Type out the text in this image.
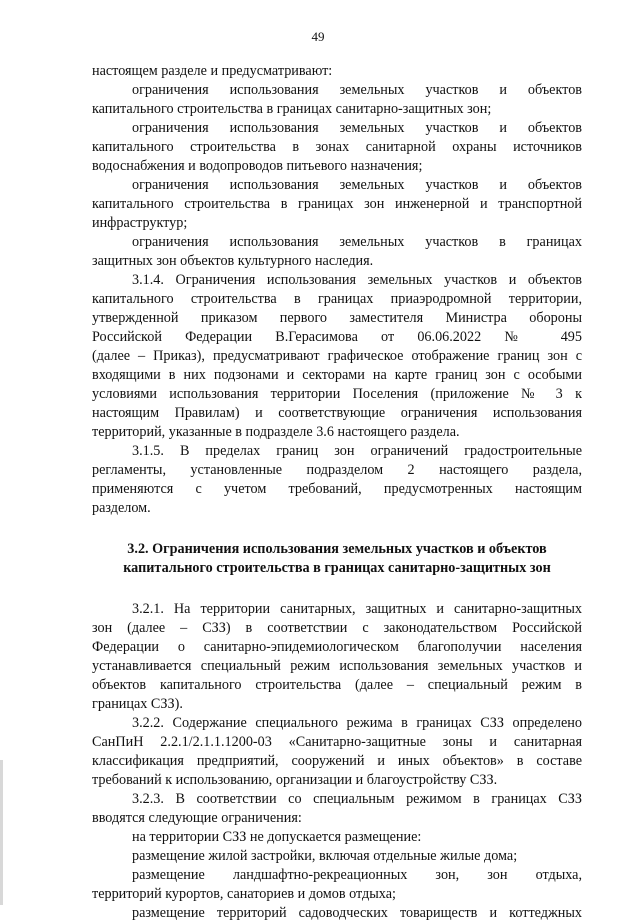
49
настоящем разделе и предусматривают:
ограничения использования земельных участков и объектов
капитального строительства в границах санитарно-защитных зон;
ограничения использования земельных участков и объектов
капитального строительства в зонах санитарной охраны источников
водоснабжения и водопроводов питьевого назначения;
ограничения использования земельных участков и объектов
капитального строительства в границах зон инженерной и транспортной
инфраструктур;
ограничения использования земельных участков в границах
защитных зон объектов культурного наследия.
3.1.4. Ограничения использования земельных участков и объектов
капитального строительства в границах приаэродромной территории,
утвержденной приказом первого заместителя Министра обороны
Российской Федерации В.Герасимова от 06.06.2022 № 495
(далее – Приказ), предусматривают графическое отображение границ зон с
входящими в них подзонами и секторами на карте границ зон с особыми
условиями использования территории Поселения (приложение № 3 к
настоящим Правилам) и соответствующие ограничения использования
территорий, указанные в подразделе 3.6 настоящего раздела.
3.1.5. В пределах границ зон ограничений градостроительные
регламенты, установленные подразделом 2 настоящего раздела,
применяются с учетом требований, предусмотренных настоящим
разделом.
3.2. Ограничения использования земельных участков и объектов
капитального строительства в границах санитарно-защитных зон
3.2.1. На территории санитарных, защитных и санитарно-защитных
зон (далее – СЗЗ) в соответствии с законодательством Российской
Федерации о санитарно-эпидемиологическом благополучии населения
устанавливается специальный режим использования земельных участков и
объектов капитального строительства (далее – специальный режим в
границах СЗЗ).
3.2.2. Содержание специального режима в границах СЗЗ определено
СанПиН 2.2.1/2.1.1.1200-03 «Санитарно-защитные зоны и санитарная
классификация предприятий, сооружений и иных объектов» в составе
требований к использованию, организации и благоустройству СЗЗ.
3.2.3. В соответствии со специальным режимом в границах СЗЗ
вводятся следующие ограничения:
на территории СЗЗ не допускается размещение:
размещение жилой застройки, включая отдельные жилые дома;
размещение ландшафтно-рекреационных зон, зон отдыха,
территорий курортов, санаториев и домов отдыха;
размещение территорий садоводческих товариществ и коттеджных
